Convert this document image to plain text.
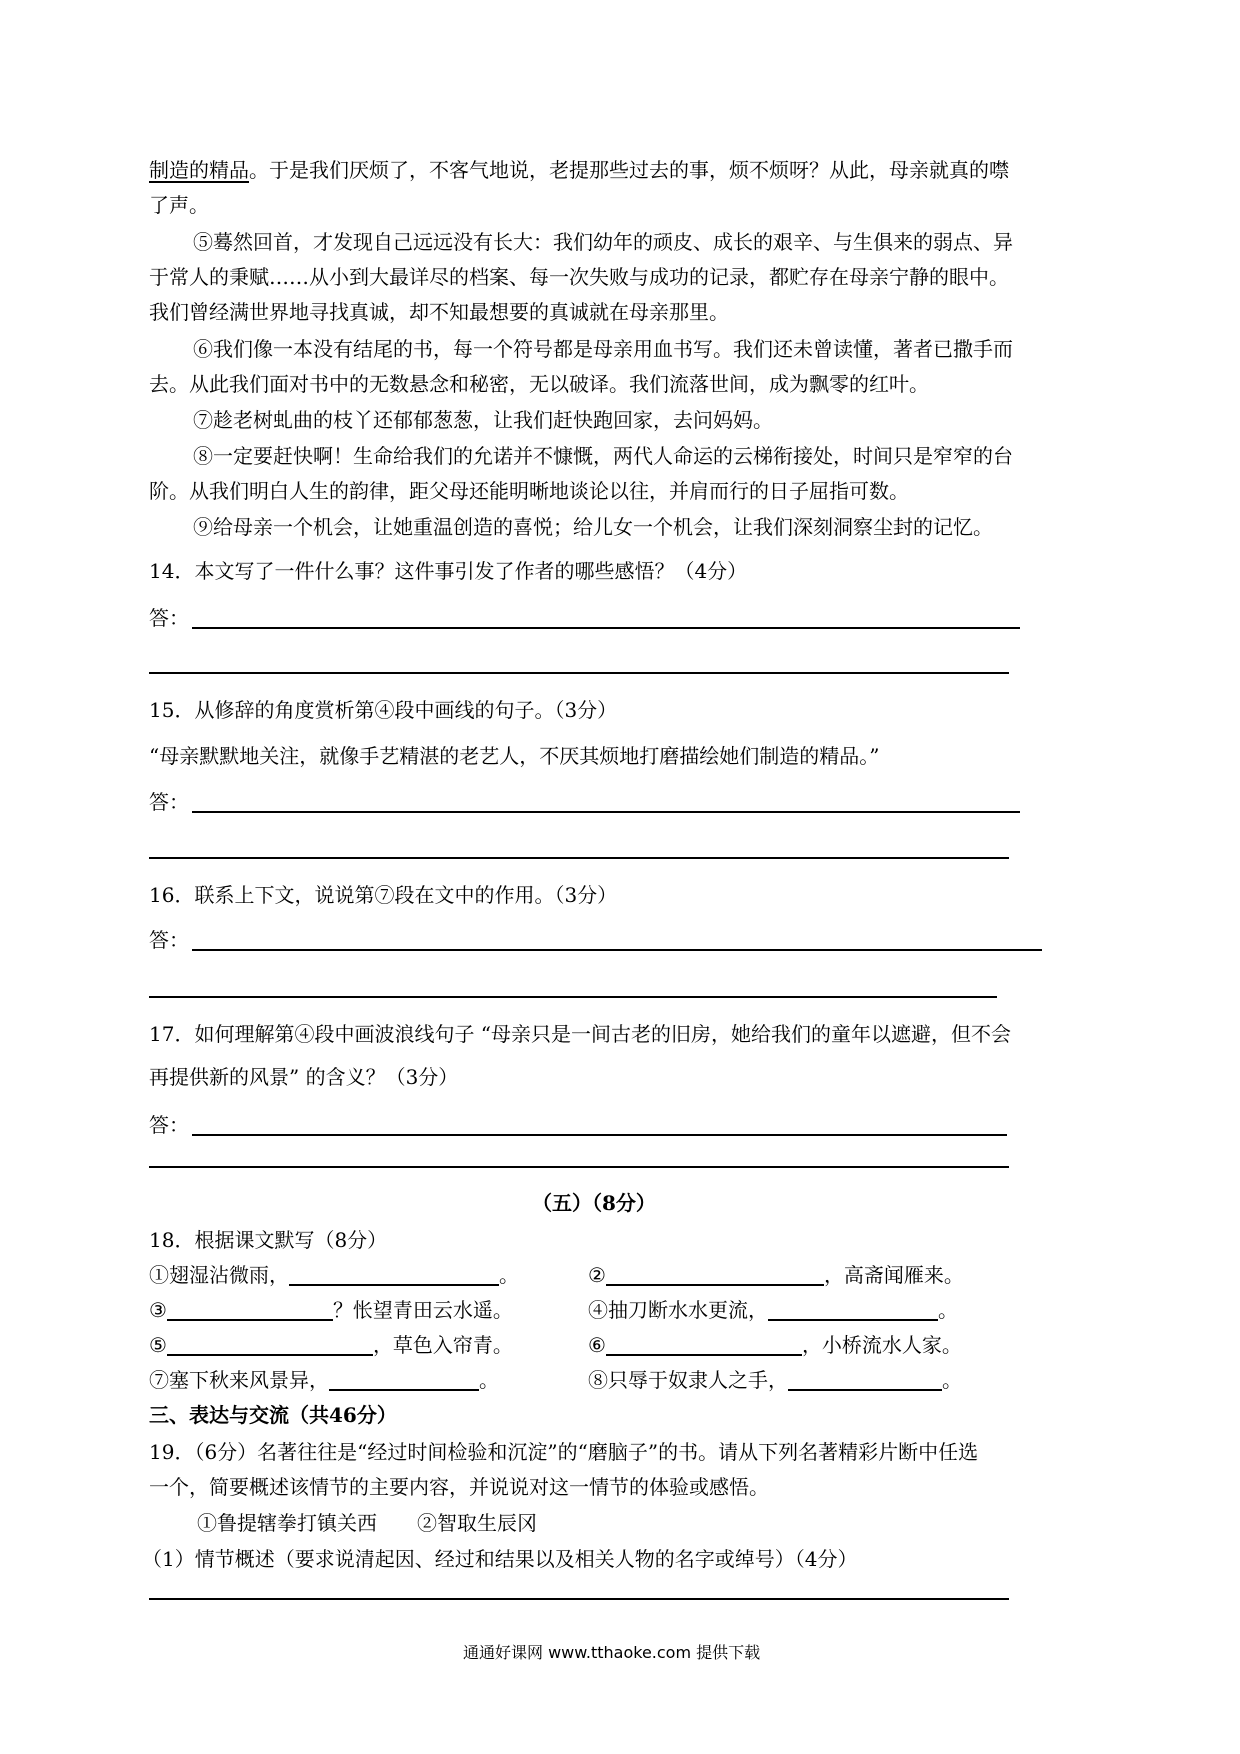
制造的精品。于是我们厌烦了，不客气地说，老提那些过去的事，烦不烦呀？从此，母亲就真的噤
了声。
⑤蓦然回首，才发现自己远远没有长大：我们幼年的顽皮、成长的艰辛、与生俱来的弱点、异
于常人的秉赋……从小到大最详尽的档案、每一次失败与成功的记录，都贮存在母亲宁静的眼中。
我们曾经满世界地寻找真诚，却不知最想要的真诚就在母亲那里。
⑥我们像一本没有结尾的书，每一个符号都是母亲用血书写。我们还未曾读懂，著者已撒手而
去。从此我们面对书中的无数悬念和秘密，无以破译。我们流落世间，成为飘零的红叶。
⑦趁老树虬曲的枝丫还郁郁葱葱，让我们赶快跑回家，去问妈妈。
⑧一定要赶快啊！生命给我们的允诺并不慷慨，两代人命运的云梯衔接处，时间只是窄窄的台
阶。从我们明白人生的韵律，距父母还能明晰地谈论以往，并肩而行的日子屈指可数。
⑨给母亲一个机会，让她重温创造的喜悦；给儿女一个机会，让我们深刻洞察尘封的记忆。
14．本文写了一件什么事？这件事引发了作者的哪些感悟？（4分）
答：
15．从修辞的角度赏析第④段中画线的句子。（3分）
“母亲默默地关注，就像手艺精湛的老艺人，不厌其烦地打磨描绘她们制造的精品。”
答：
16．联系上下文，说说第⑦段在文中的作用。（3分）
答：
17．如何理解第④段中画波浪线句子 “母亲只是一间古老的旧房，她给我们的童年以遮避，但不会
再提供新的风景” 的含义？（3分）
答：
（五）（8分）
18．根据课文默写（8分）
①翅湿沾微雨，	。	②	，高斋闻雁来。
③	？怅望青田云水遥。	④抽刀断水水更流，	。
⑤	，草色入帘青。	⑥	，小桥流水人家。
⑦塞下秋来风景异，	。	⑧只辱于奴隶人之手，	。
三、表达与交流（共46分）
19．（6分）名著往往是“经过时间检验和沉淀”的“磨脑子”的书。请从下列名著精彩片断中任选
一个，简要概述该情节的主要内容，并说说对这一情节的体验或感悟。
①鲁提辖拳打镇关西　　②智取生辰冈
（1）情节概述（要求说清起因、经过和结果以及相关人物的名字或绰号）（4分）
通通好课网 www.tthaoke.com 提供下载
